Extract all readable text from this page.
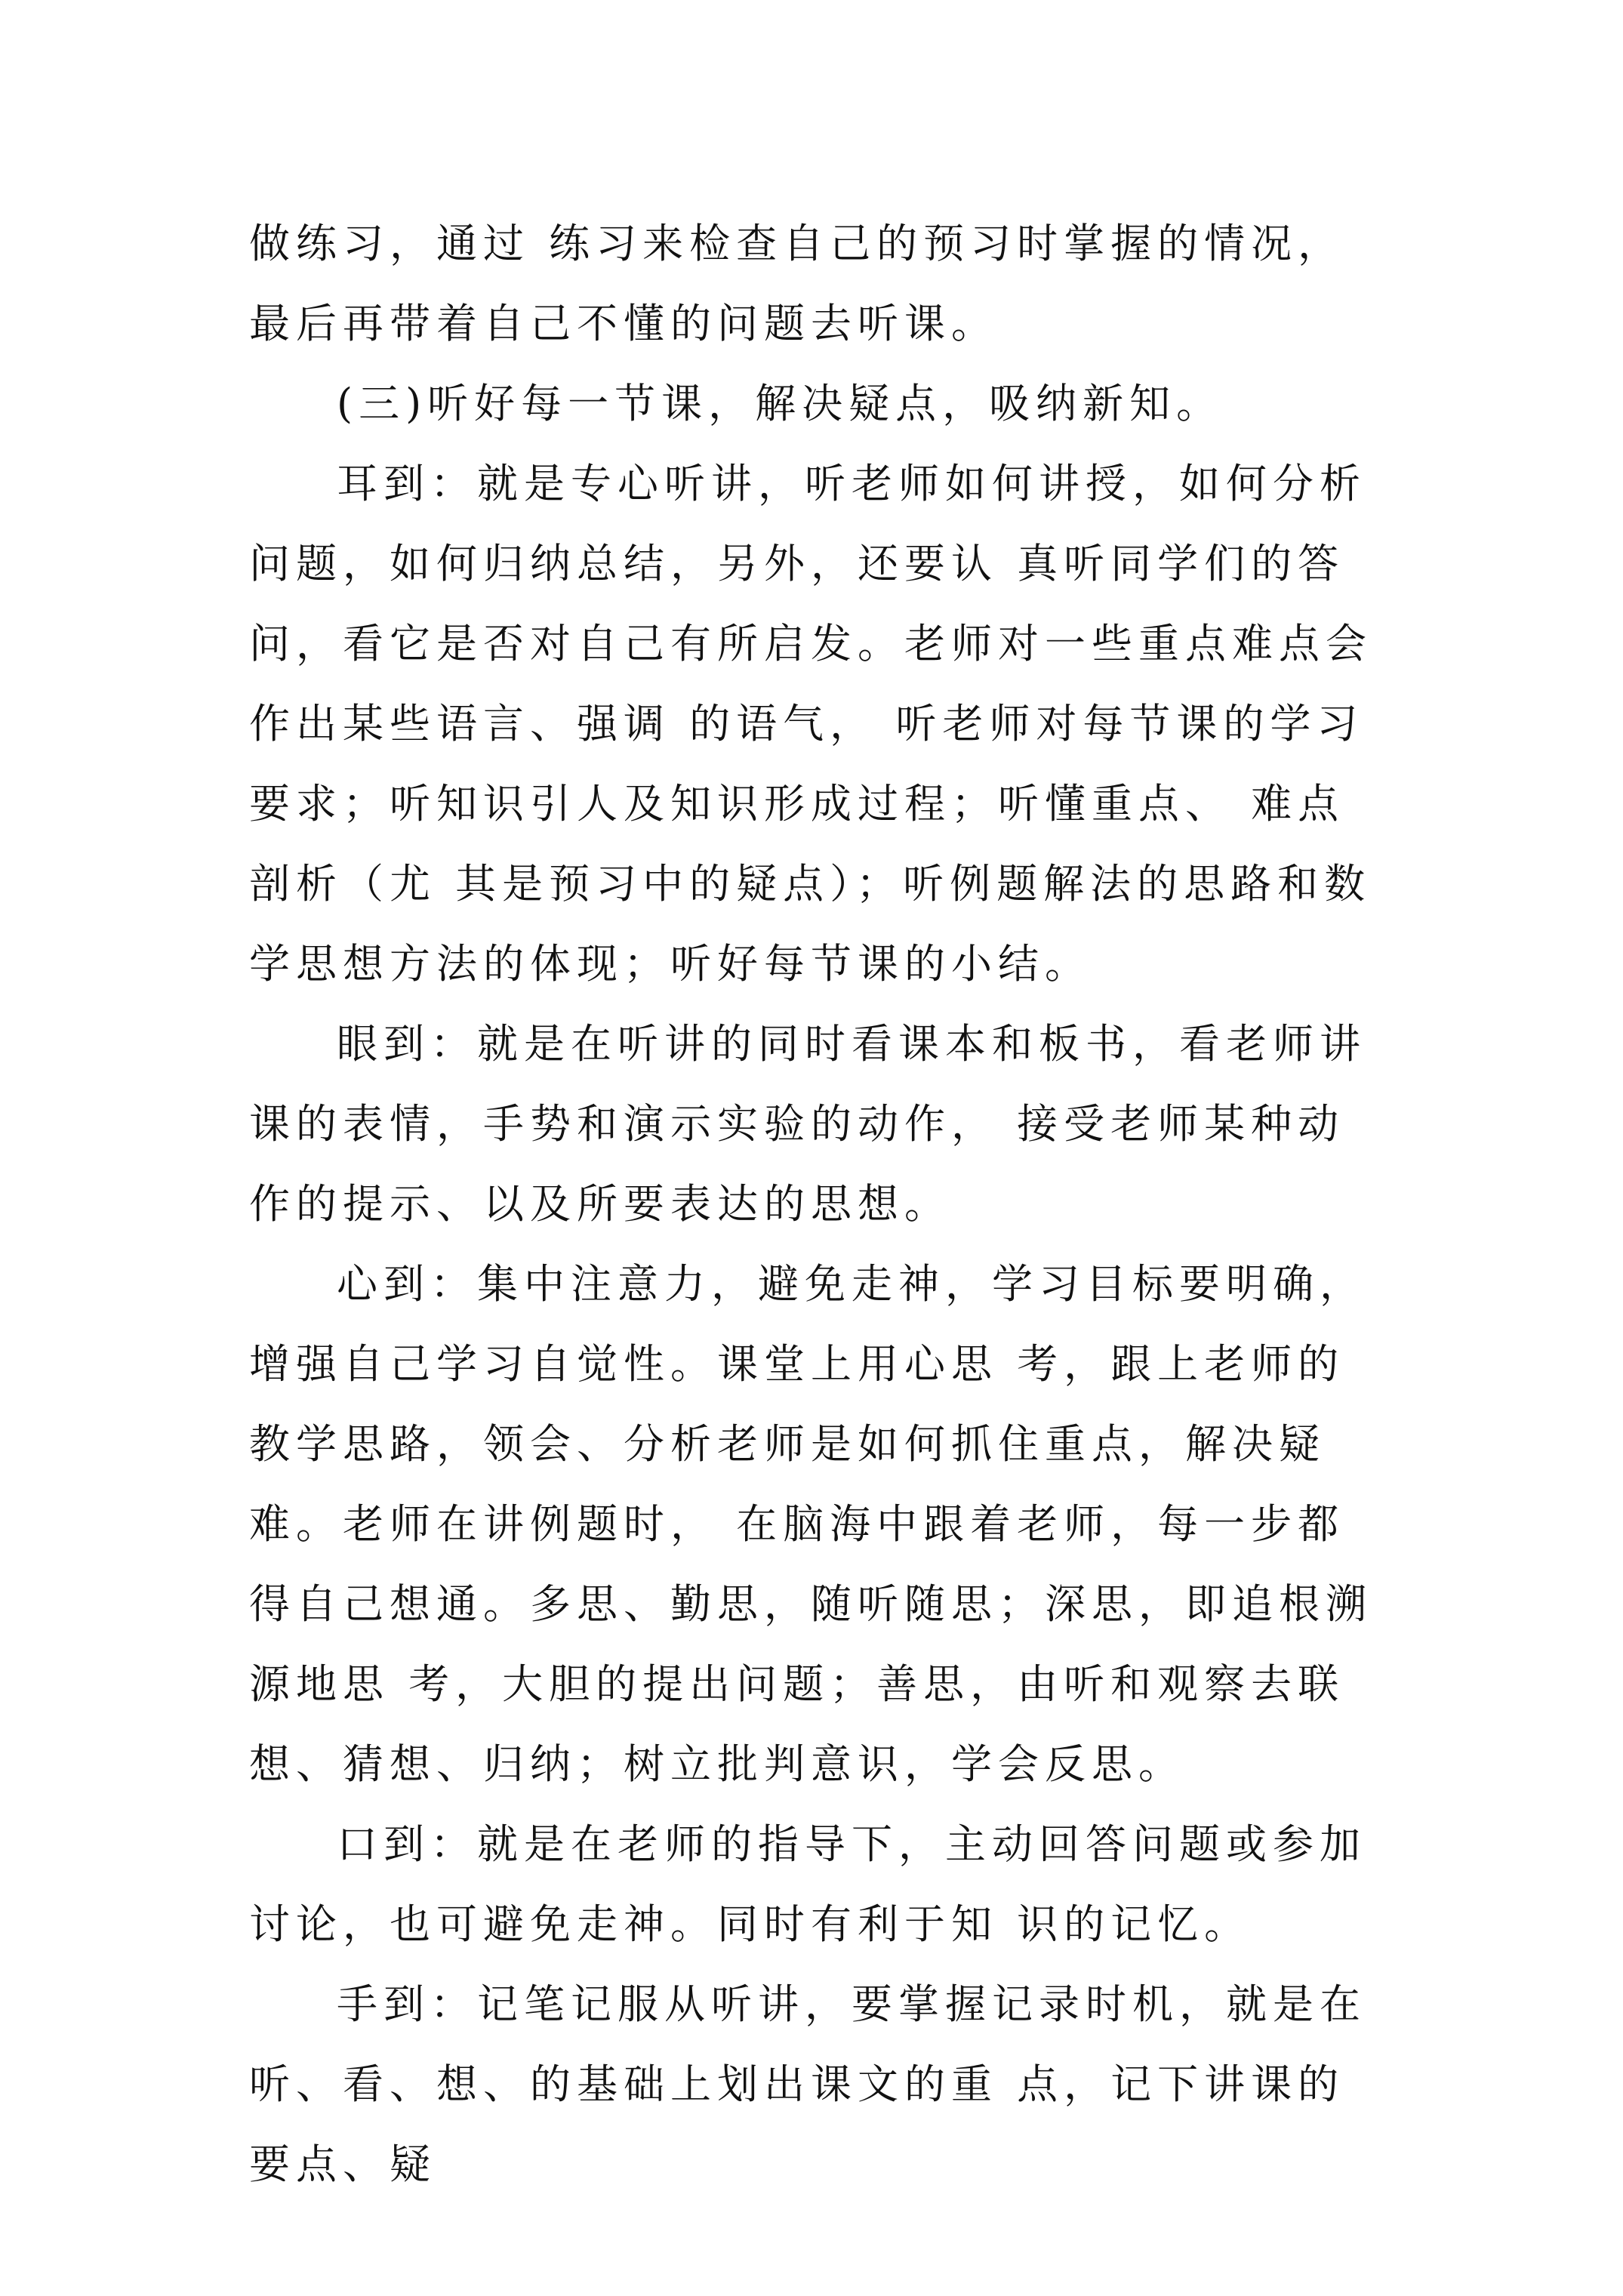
做练习，通过 练习来检查自己的预习时掌握的情况，最后再带着自己不懂的问题去听课。

(三)听好每一节课，解决疑点，吸纳新知。

耳到：就是专心听讲，听老师如何讲授，如何分析问题，如何归纳总结，另外，还要认 真听同学们的答问，看它是否对自己有所启发。老师对一些重点难点会作出某些语言、强调 的语气， 听老师对每节课的学习要求；听知识引人及知识形成过程；听懂重点、 难点剖析（尤 其是预习中的疑点）；听例题解法的思路和数学思想方法的体现；听好每节课的小结。

眼到：就是在听讲的同时看课本和板书，看老师讲课的表情，手势和演示实验的动作， 接受老师某种动作的提示、以及所要表达的思想。

心到：集中注意力，避免走神，学习目标要明确，增强自己学习自觉性。课堂上用心思 考，跟上老师的教学思路，领会、分析老师是如何抓住重点，解决疑难。老师在讲例题时， 在脑海中跟着老师，每一步都得自己想通。多思、勤思，随听随思；深思，即追根溯源地思 考，大胆的提出问题；善思，由听和观察去联想、猜想、归纳；树立批判意识，学会反思。

口到：就是在老师的指导下，主动回答问题或参加讨论，也可避免走神。同时有利于知 识的记忆。

手到：记笔记服从听讲，要掌握记录时机，就是在听、看、想、的基础上划出课文的重 点，记下讲课的要点、疑
